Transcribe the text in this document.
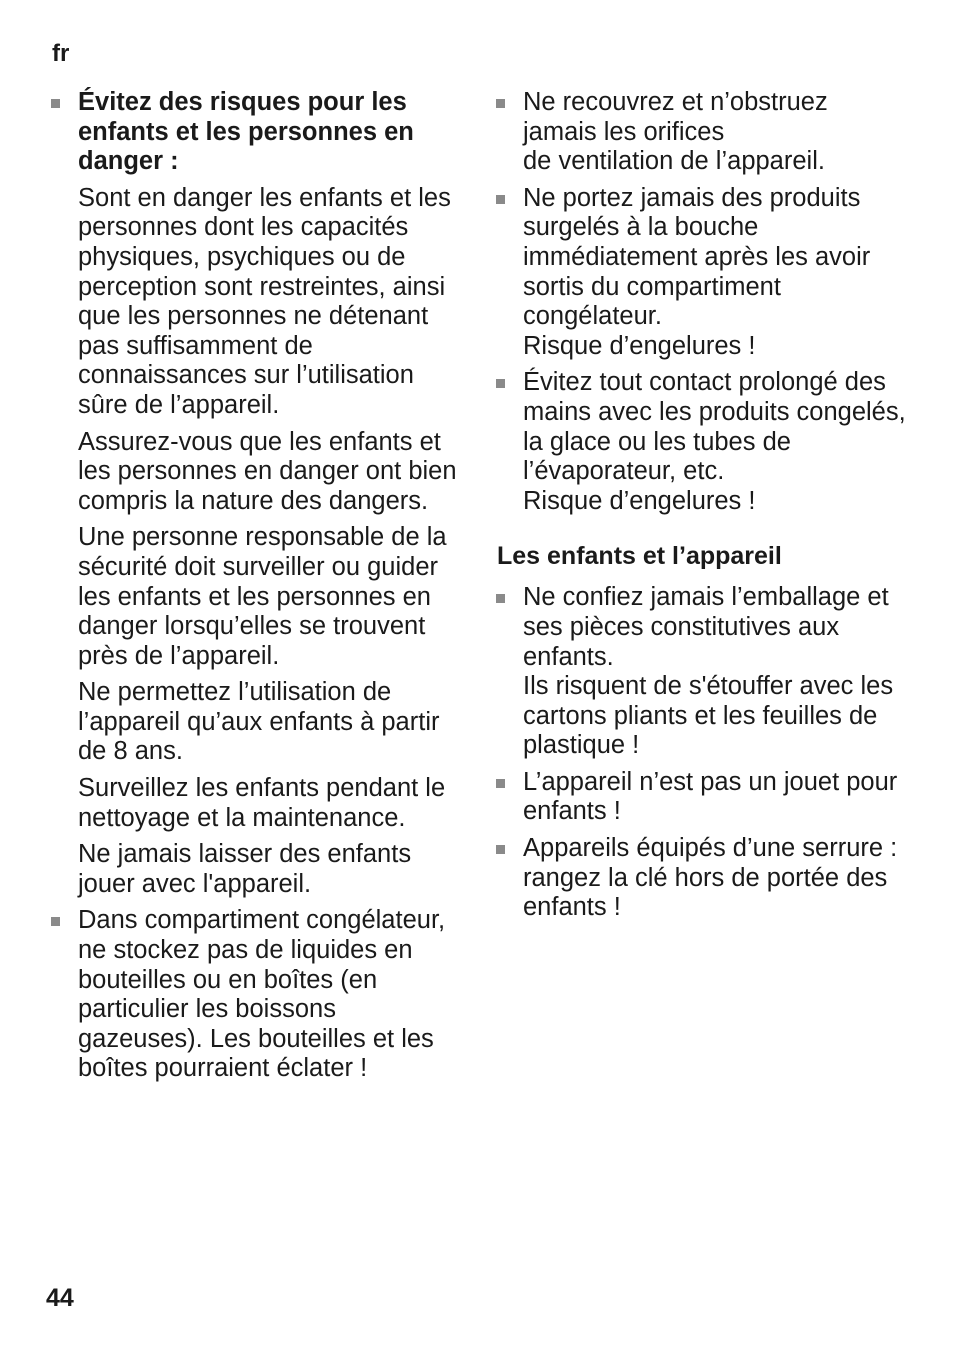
fr

Évitez des risques pour les
enfants et les personnes en
danger :

Sont en danger les enfants et les personnes dont les capacités physiques, psychiques ou de perception sont restreintes, ainsi que les personnes ne détenant pas suffisamment de connaissances sur l’utilisation sûre de l’appareil.

Assurez-vous que les enfants et les personnes en danger ont bien compris la nature des dangers.

Une personne responsable de la sécurité doit surveiller ou guider les enfants et les personnes en danger lorsqu’elles se trouvent près de l’appareil.

Ne permettez l’utilisation de l’appareil qu’aux enfants à partir de 8 ans.

Surveillez les enfants pendant le nettoyage et la maintenance.

Ne jamais laisser des enfants jouer avec l'appareil.

Dans compartiment congélateur, ne stockez pas de liquides en bouteilles ou en boîtes (en particulier les boissons gazeuses). Les bouteilles et les boîtes pourraient éclater !

Ne recouvrez et n’obstruez
jamais les orifices
de ventilation de l’appareil.

Ne portez jamais des produits surgelés à la bouche immédiatement après les avoir sortis du compartiment congélateur.
Risque d’engelures !

Évitez tout contact prolongé des mains avec les produits congelés, la glace ou les tubes de l’évaporateur, etc.
Risque d’engelures !

Les enfants et l’appareil

Ne confiez jamais l’emballage et ses pièces constitutives aux enfants.
Ils risquent de s'étouffer avec les cartons pliants et les feuilles de plastique !

L’appareil n’est pas un jouet pour enfants !

Appareils équipés d’une serrure :
rangez la clé hors de portée des enfants !

44
